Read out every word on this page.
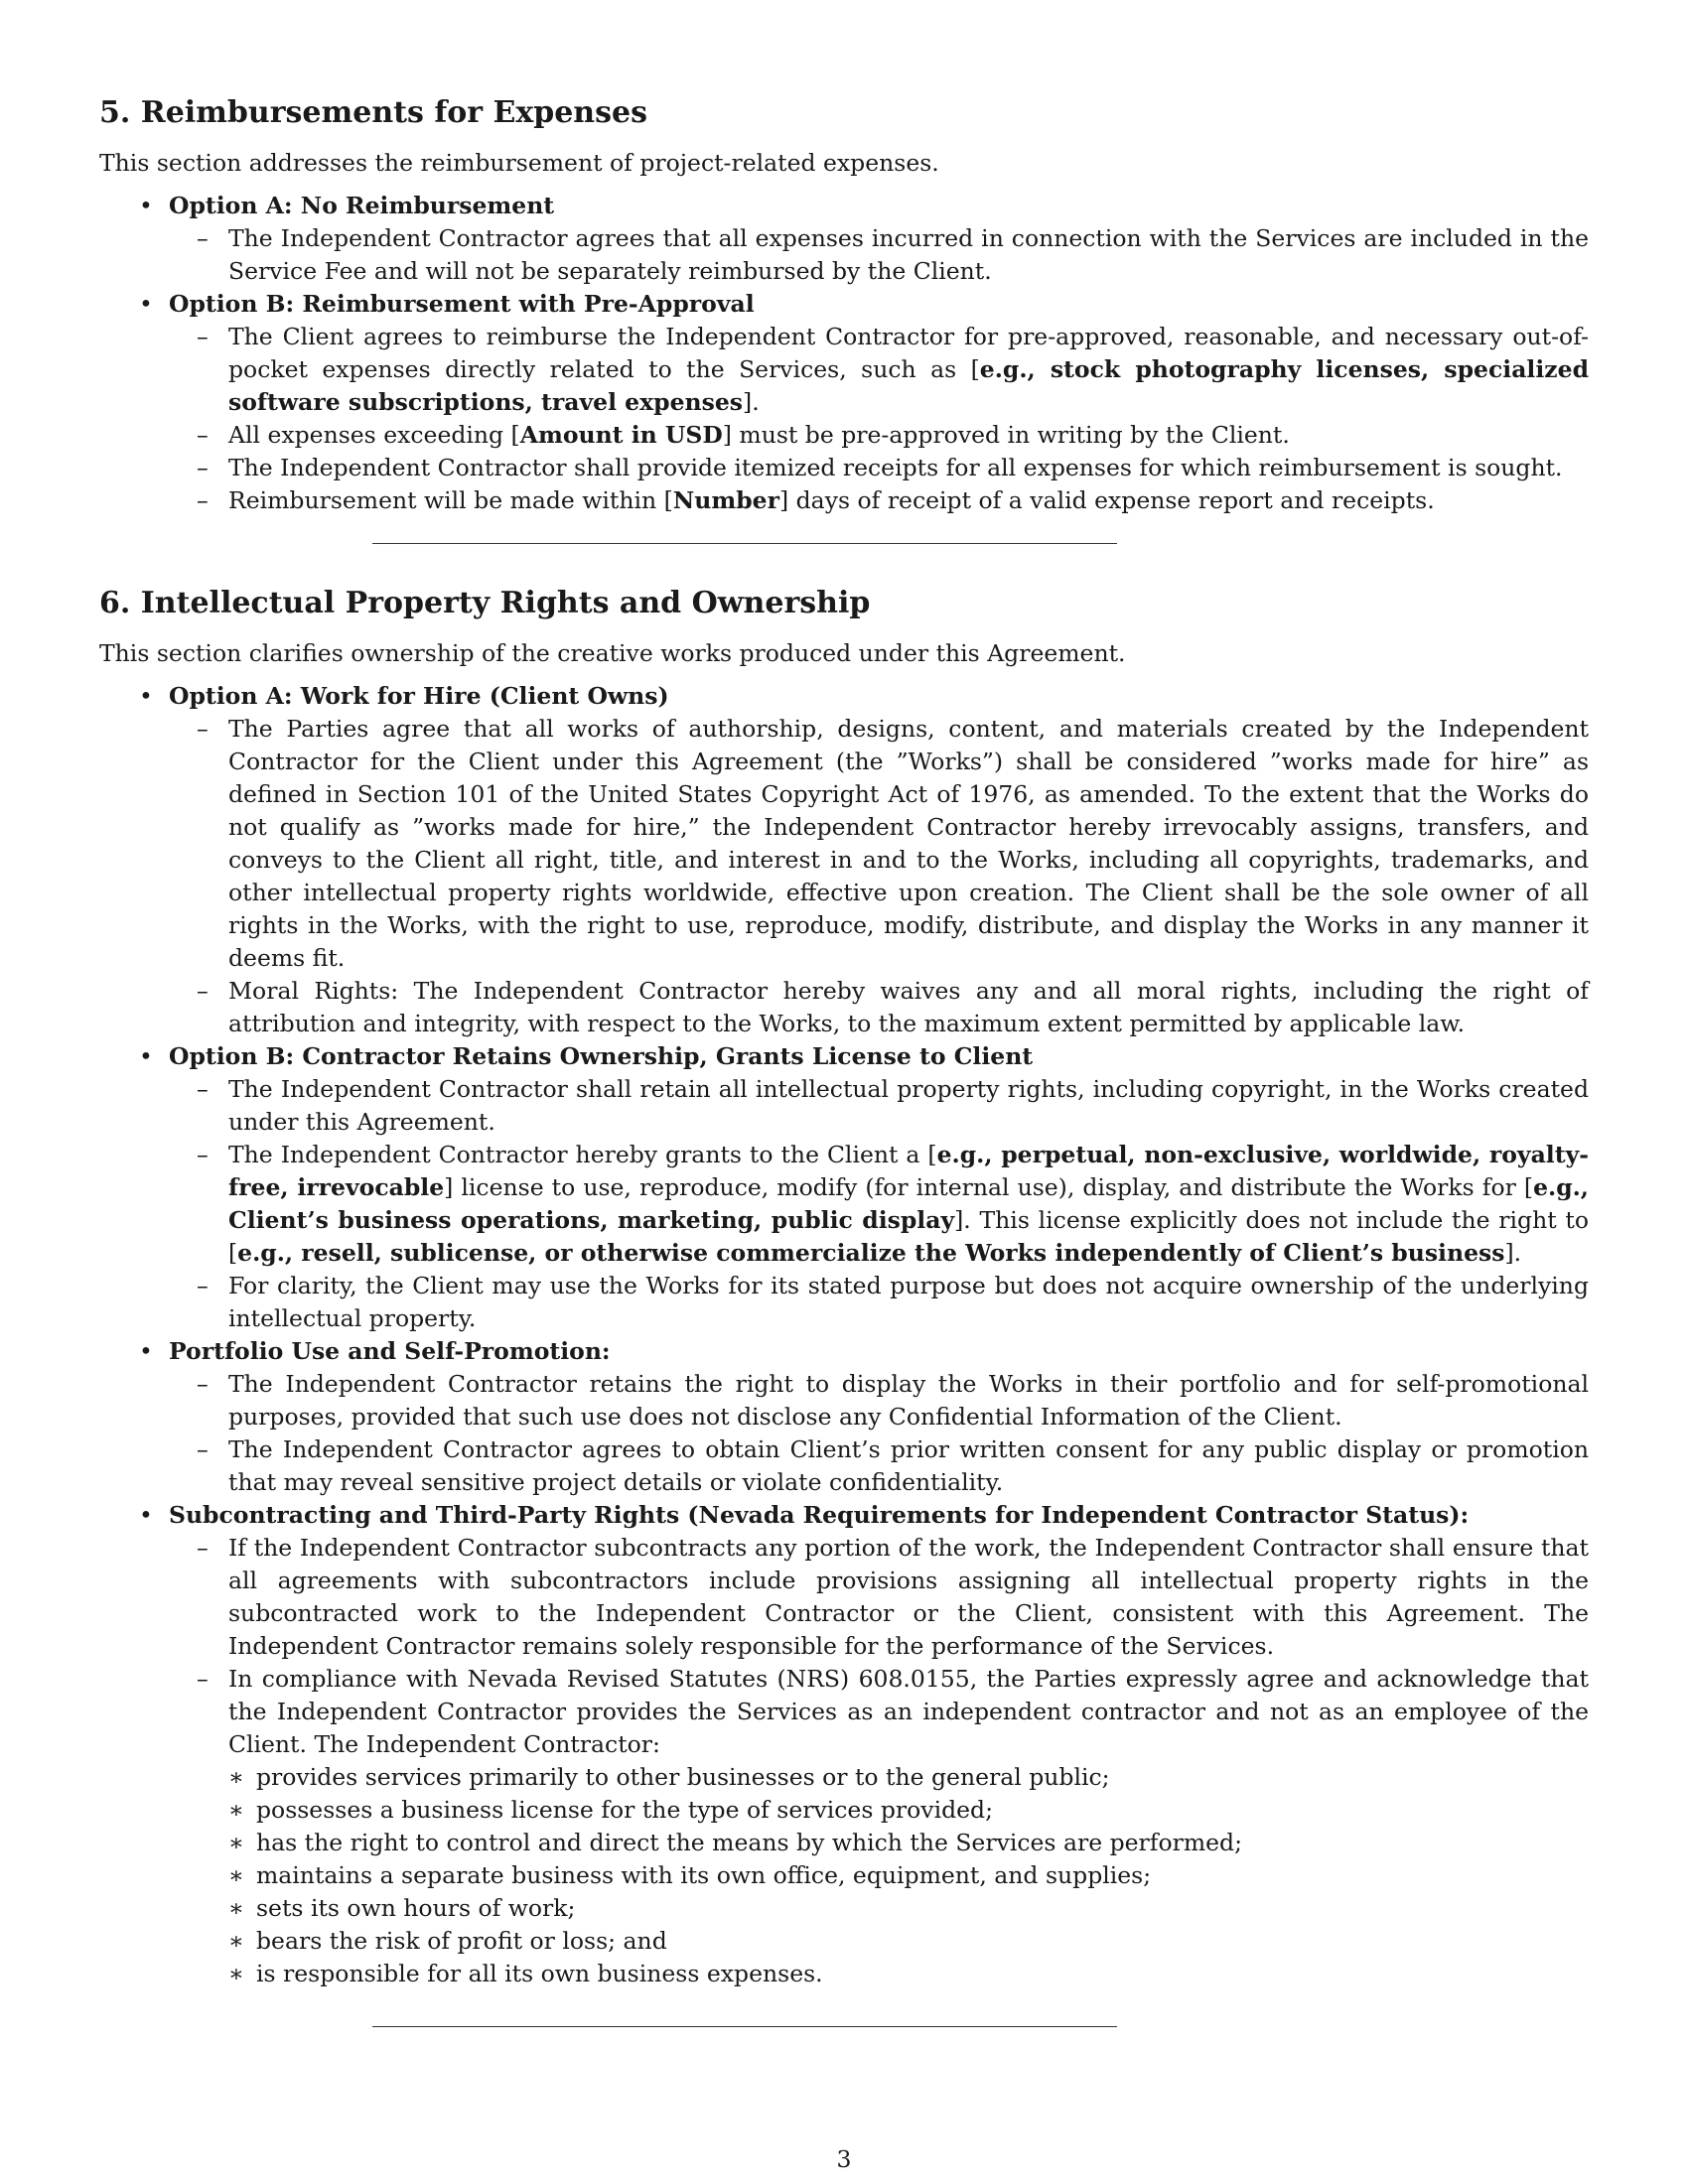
5. Reimbursements for Expenses

This section addresses the reimbursement of project-related expenses.

• Option A: No Reimbursement
– The Independent Contractor agrees that all expenses incurred in connection with the Services are included in the Service Fee and will not be separately reimbursed by the Client.
• Option B: Reimbursement with Pre-Approval
– The Client agrees to reimburse the Independent Contractor for pre-approved, reasonable, and necessary out-of-pocket expenses directly related to the Services, such as [e.g., stock photography licenses, specialized software subscriptions, travel expenses].
– All expenses exceeding [Amount in USD] must be pre-approved in writing by the Client.
– The Independent Contractor shall provide itemized receipts for all expenses for which reimbursement is sought.
– Reimbursement will be made within [Number] days of receipt of a valid expense report and receipts.
6. Intellectual Property Rights and Ownership

This section clarifies ownership of the creative works produced under this Agreement.

• Option A: Work for Hire (Client Owns)
– The Parties agree that all works of authorship, designs, content, and materials created by the Independent Contractor for the Client under this Agreement (the ”Works”) shall be considered ”works made for hire” as defined in Section 101 of the United States Copyright Act of 1976, as amended. To the extent that the Works do not qualify as ”works made for hire,” the Independent Contractor hereby irrevocably assigns, transfers, and conveys to the Client all right, title, and interest in and to the Works, including all copyrights, trademarks, and other intellectual property rights worldwide, effective upon creation. The Client shall be the sole owner of all rights in the Works, with the right to use, reproduce, modify, distribute, and display the Works in any manner it deems fit.
– Moral Rights: The Independent Contractor hereby waives any and all moral rights, including the right of attribution and integrity, with respect to the Works, to the maximum extent permitted by applicable law.
• Option B: Contractor Retains Ownership, Grants License to Client
– The Independent Contractor shall retain all intellectual property rights, including copyright, in the Works created under this Agreement.
– The Independent Contractor hereby grants to the Client a [e.g., perpetual, non-exclusive, worldwide, royalty-free, irrevocable] license to use, reproduce, modify (for internal use), display, and distribute the Works for [e.g., Client’s business operations, marketing, public display]. This license explicitly does not include the right to [e.g., resell, sublicense, or otherwise commercialize the Works independently of Client’s business].
– For clarity, the Client may use the Works for its stated purpose but does not acquire ownership of the underlying intellectual property.
• Portfolio Use and Self-Promotion:
– The Independent Contractor retains the right to display the Works in their portfolio and for self-promotional purposes, provided that such use does not disclose any Confidential Information of the Client.
– The Independent Contractor agrees to obtain Client’s prior written consent for any public display or promotion that may reveal sensitive project details or violate confidentiality.
• Subcontracting and Third-Party Rights (Nevada Requirements for Independent Contractor Status):
– If the Independent Contractor subcontracts any portion of the work, the Independent Contractor shall ensure that all agreements with subcontractors include provisions assigning all intellectual property rights in the subcontracted work to the Independent Contractor or the Client, consistent with this Agreement. The Independent Contractor remains solely responsible for the performance of the Services.
– In compliance with Nevada Revised Statutes (NRS) 608.0155, the Parties expressly agree and acknowledge that the Independent Contractor provides the Services as an independent contractor and not as an employee of the Client. The Independent Contractor:
∗ provides services primarily to other businesses or to the general public;
∗ possesses a business license for the type of services provided;
∗ has the right to control and direct the means by which the Services are performed;
∗ maintains a separate business with its own office, equipment, and supplies;
∗ sets its own hours of work;
∗ bears the risk of profit or loss; and
∗ is responsible for all its own business expenses.
3
